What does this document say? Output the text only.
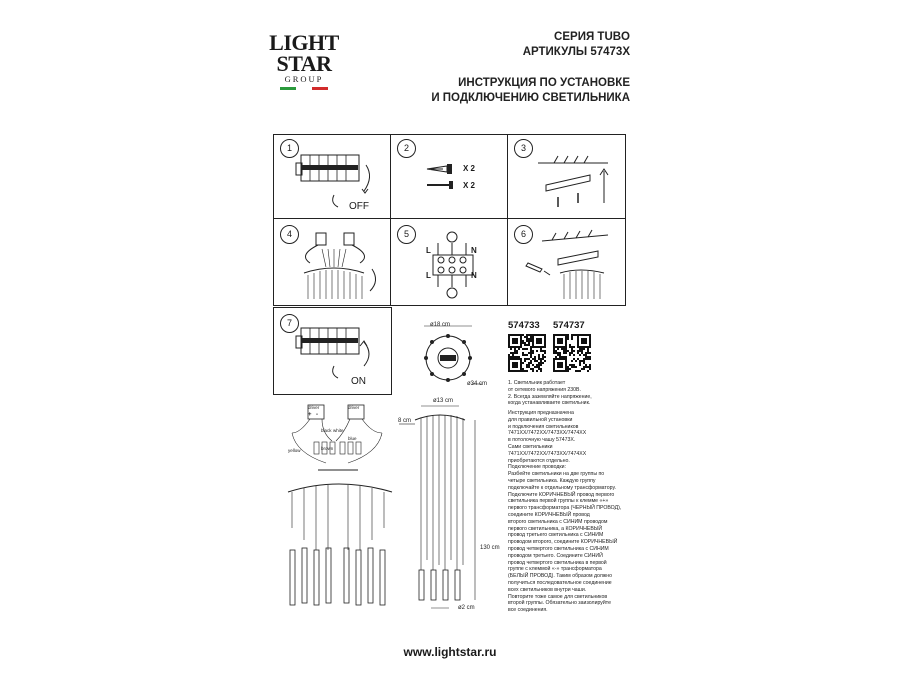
LIGHT
STAR
GROUP
СЕРИЯ TUBO
АРТИКУЛЫ 57473X
ИНСТРУКЦИЯ ПО УСТАНОВКЕ
И ПОДКЛЮЧЕНИЮ СВЕТИЛЬНИКА
1
OFF
2
X 2
X 2
3
4	5
L	N
L	N
6
7
ON
ø18 cm
ø34 cm
574733 574737
1. Светильник работает
от сетевого напряжения 230В.
2. Всегда заземляйте напряжение,
когда устанавливаете светильник.
driver	driver
+ -
black
brown
white
blue
yellow
ø13 cm
8 cm
130 cm
ø2 cm
Инструкция предназначена
для правильной установки
и подключения светильников
7471XX/7472XX/7473XX/7474XX
в потолочную чашу 57473X.
Сами светильники
7471XX/7472XX/7473XX/7474XX
приобретаются отдельно.
Подключение проводки:
Разбейте светильники на две группы по
четыре светильника. Каждую группу
подключайте к отдельному трансформатору.
Подключите КОРИЧНЕВЫЙ провод первого
светильника первой группы к клемме «+»
первого трансформатора (ЧЕРНЫЙ ПРОВОД),
соедините КОРИЧНЕВЫЙ провод
второго светильника с СИНИМ проводом
первого светильника, а КОРИЧНЕВЫЙ
провод третьего светильника с СИНИМ
проводом второго, соедините КОРИЧНЕВЫЙ
провод четвертого светильника с СИНИМ
проводом третьего. Соедините СИНИЙ
провод четвертого светильника в первой
группе с клеммой «-» трансформатора
(БЕЛЫЙ ПРОВОД). Таким образом должно
получиться последовательное соединение
всех светильников внутри чаши.
Повторите тоже самое для светильников
второй группы. Обязательно заизолируйте
все соединения.
www.lightstar.ru
